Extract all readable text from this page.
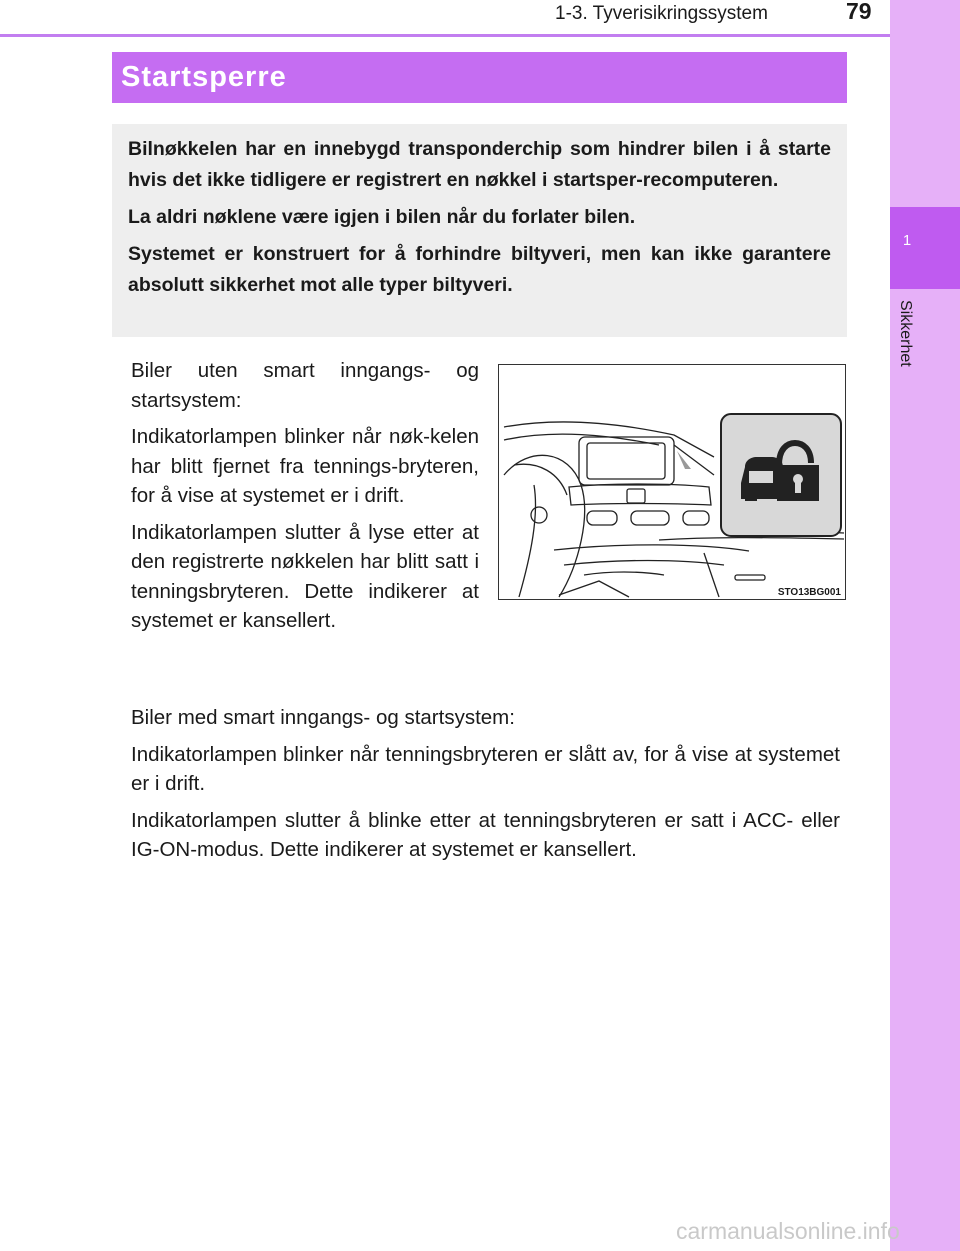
1
Sikkerhet
1-3. Tyverisikringssystem	79
Startsperre

Bilnøkkelen har en innebygd transponderchip som hindrer bilen i å starte hvis det ikke tidligere er registrert en nøkkel i startsper-recomputeren.

La aldri nøklene være igjen i bilen når du forlater bilen.

Systemet er konstruert for å forhindre biltyveri, men kan ikke garantere absolutt sikkerhet mot alle typer biltyveri.

Biler uten smart inngangs- og startsystem:

Indikatorlampen blinker når nøk-kelen har blitt fjernet fra tennings-bryteren, for å vise at systemet er i drift.

Indikatorlampen slutter å lyse etter at den registrerte nøkkelen har blitt satt i tenningsbryteren. Dette indikerer at systemet er kansellert.

STO13BG001

Biler med smart inngangs- og startsystem:

Indikatorlampen blinker når tenningsbryteren er slått av, for å vise at systemet er i drift.

Indikatorlampen slutter å blinke etter at tenningsbryteren er satt i ACC- eller IG-ON-modus. Dette indikerer at systemet er kansellert.

carmanualsonline.info
